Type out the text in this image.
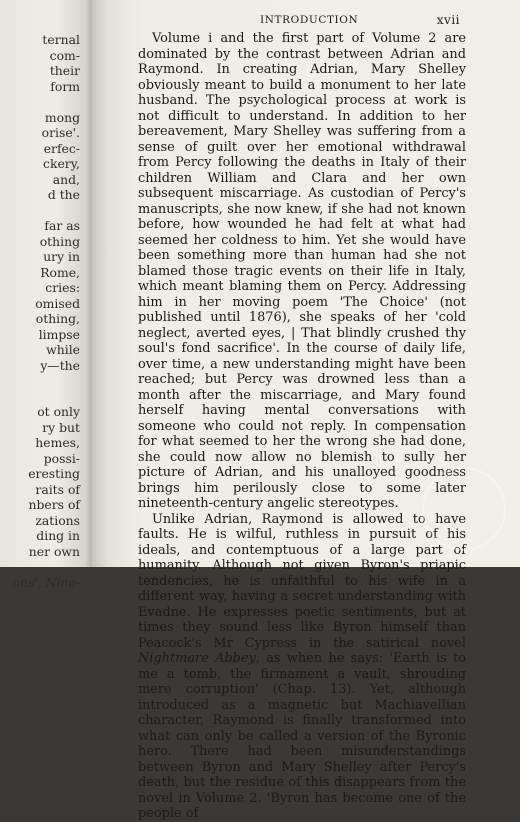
ternal
com-
their
form
mong
orise'.
erfec-
ckery,
and,
d the
far as
othing
ury in
Rome,
cries:
omised
othing,
limpse
while
y—the
ot only
ry but
hemes,
possi-
eresting
raits of
nbers of
zations
ding in
ner own
ons', Nine-
INTRODUCTION	xvii

Volume i and the first part of Volume 2 are dominated by the contrast between Adrian and Raymond. In creating Adrian, Mary Shelley obviously meant to build a monument to her late husband. The psychological process at work is not difficult to understand. In addition to her bereavement, Mary Shelley was suffering from a sense of guilt over her emotional withdrawal from Percy following the deaths in Italy of their children William and Clara and her own subsequent miscarriage. As custodian of Percy's manuscripts, she now knew, if she had not known before, how wounded he had felt at what had seemed her coldness to him. Yet she would have been something more than human had she not blamed those tragic events on their life in Italy, which meant blaming them on Percy. Addressing him in her moving poem 'The Choice' (not published until 1876), she speaks of her 'cold neglect, averted eyes, | That blindly crushed thy soul's fond sacrifice'. In the course of daily life, over time, a new understanding might have been reached; but Percy was drowned less than a month after the miscarriage, and Mary found herself having mental conversations with someone who could not reply. In compensation for what seemed to her the wrong she had done, she could now allow no blemish to sully her picture of Adrian, and his unalloyed goodness brings him perilously close to some later nineteenth-century angelic stereotypes.

Unlike Adrian, Raymond is allowed to have faults. He is wilful, ruthless in pursuit of his ideals, and contemptuous of a large part of humanity. Although not given Byron's priapic tendencies, he is unfaithful to his wife in a different way, having a secret understanding with Evadne. He expresses poetic sentiments, but at times they sound less like Byron himself than Peacock's Mr Cypress in the satirical novel Nightmare Abbey, as when he says: 'Earth is to me a tomb, the firmament a vault, shrouding mere corruption' (Chap. 13). Yet, although introduced as a magnetic but Machiavellian character, Raymond is finally transformed into what can only be called a version of the Byronic hero. There had been misunderstandings between Byron and Mary Shelley after Percy's death, but the residue of this disappears from the novel in Volume 2. 'Byron has become one of the people of
